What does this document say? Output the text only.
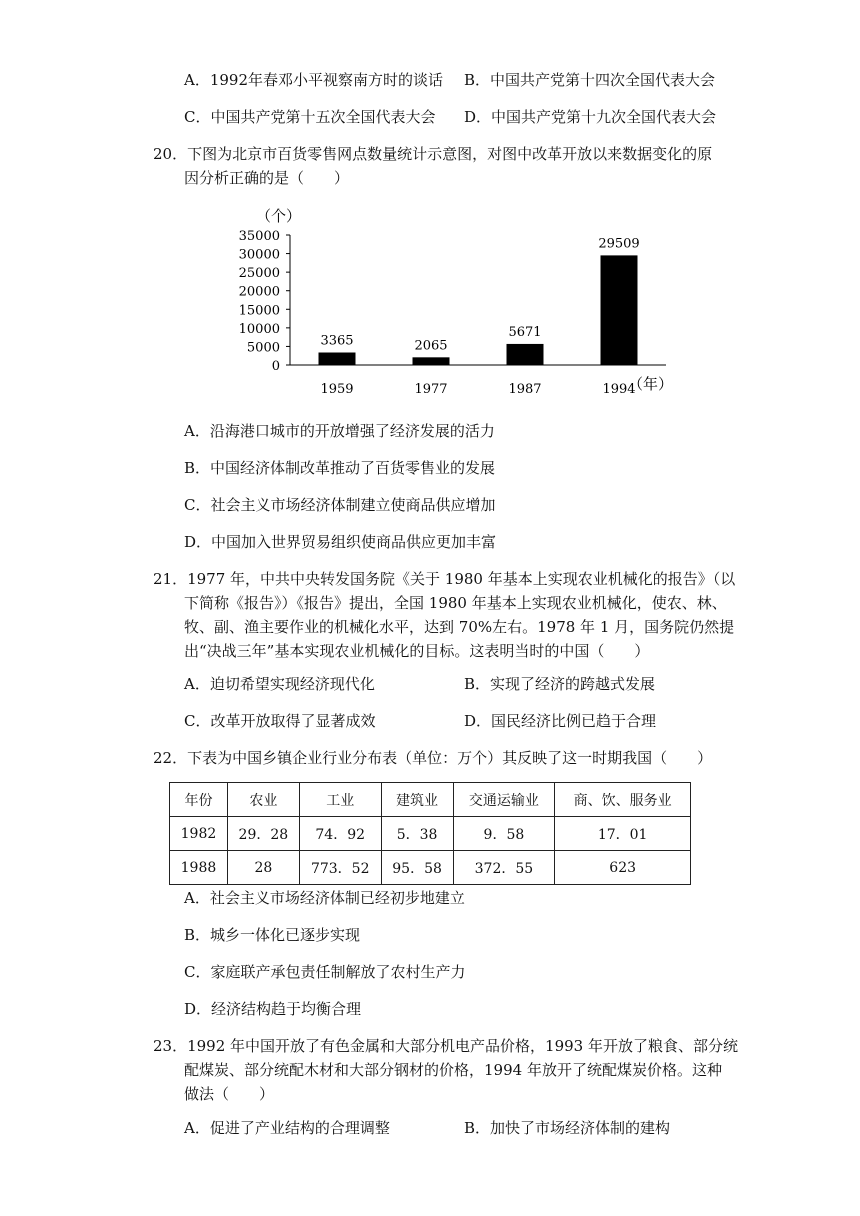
A．1992年春邓小平视察南方时的谈话 B．中国共产党第十四次全国代表大会
C．中国共产党第十五次全国代表大会 D．中国共产党第十九次全国代表大会
20．下图为北京市百货零售网点数量统计示意图，对图中改革开放以来数据变化的原
因分析正确的是（　　）
（个）
0
5000
10000
15000
20000
25000
30000
35000
3365
1959
2065
1977
5671
1987
29509
1994
（年）
A．沿海港口城市的开放增强了经济发展的活力
B．中国经济体制改革推动了百货零售业的发展
C．社会主义市场经济体制建立使商品供应增加
D．中国加入世界贸易组织使商品供应更加丰富
21．1977 年，中共中央转发国务院《关于 1980 年基本上实现农业机械化的报告》（以
下简称《报告》）《报告》提出，全国 1980 年基本上实现农业机械化，使农、林、
牧、副、渔主要作业的机械化水平，达到 70%左右。1978 年 1 月，国务院仍然提
出“决战三年”基本实现农业机械化的目标。这表明当时的中国（　　）
A．迫切希望实现经济现代化	B．实现了经济的跨越式发展
C．改革开放取得了显著成效	D．国民经济比例已趋于合理
22．下表为中国乡镇企业行业分布表（单位：万个）其反映了这一时期我国（　　）
年份	农业	工业	建筑业	交通运输业	商、饮、服务业
1982	29．28	74．92	5．38	9．58	17．01
1988	28	773．52	95．58	372．55	623
A．社会主义市场经济体制已经初步地建立
B．城乡一体化已逐步实现
C．家庭联产承包责任制解放了农村生产力
D．经济结构趋于均衡合理
23．1992 年中国开放了有色金属和大部分机电产品价格，1993 年开放了粮食、部分统
配煤炭、部分统配木材和大部分钢材的价格，1994 年放开了统配煤炭价格。这种
做法（　　）
A．促进了产业结构的合理调整	B．加快了市场经济体制的建构
